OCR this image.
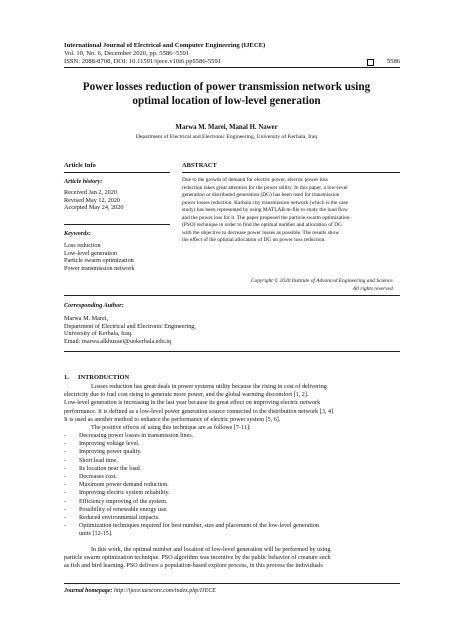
International Journal of Electrical and Computer Engineering (IJECE)
Vol. 10, No. 6, December 2020, pp. 5586~5591
ISSN: 2088-8708, DOI: 10.11591/ijece.v10i6.pp5586-5591	5586
Power losses reduction of power transmission network using
optimal location of low-level generation
Marwa M. Marei, Manal H. Nawer
Department of Electrical and Electronic Engineering, University of Kerbala, Iraq
Article Info
Article history:
Received Jan 2, 2020
Revised May 12, 2020
Accepted May 24, 2020
Keywords:
Loss reduction
Low-level generation
Particle swarm optimization
Power transmission network
ABSTRACT
Due to the growth of demand for electric power, electric power loss
reduction takes great attention for the power utility. In this paper, a low-level
generation or distributed generation (DG) has been used for transmission
power losses reduction. Karbala city transmission network (which is the case
study) has been represented by using MATLAB m-file to study the load flow
and the power loss for it. The paper proposed the particle swarm optimization
(PSO) technique in order to find the optimal number and allocation of DG
with the objective to decrease power losses as possible. The results show
the effect of the optimal allocation of DG on power loss reduction.
Copyright © 2020 Institute of Advanced Engineering and Science.
All rights reserved.
Corresponding Author:
Marwa M. Marei,
Department of Electrical and Electronic Engineering,
University of Kerbala, Iraq.
Email: marwa.alkhuzaei@uokerbala.edu.iq
1. INTRODUCTION
Losses reduction has great deals in power systems utility because the rising in cost of delivering
electricity due to fuel cost rising to generate more power, and the global warming discomfort [1, 2].
Low-level generation is increasing in the last year because its great effect on improving electric network
performance. It is defined as a low-level power generation source connected to the distribution network [3, 4].
It is used as another method to enhance the performance of electric power system [5, 6].
The positive effects of using this technique are as follows [7-11]:
- Decreasing power losses in transmission lines.
- Improving voltage level.
- Improving power quality.
- Short lead time.
- Its location near the load.
- Decreases cost.
- Maximum power demand reduction.
- Improving electric system reliability.
- Efficiency improving of the system.
- Possibility of renewable energy use.
- Reduced environmental impacts.
- Optimization techniques required for best number, size and placement of the low-level generation
units [12-15].
In this work, the optimal number and location of low-level generation will be performed by using
particle swarm optimization technique. PSO algorithm was incentive by the public behavior of creature such
as fish and bird learning. PSO delivers a population-based explore process, in this process the individuals
Journal homepage: http://ijece.iaescore.com/index.php/IJECE
